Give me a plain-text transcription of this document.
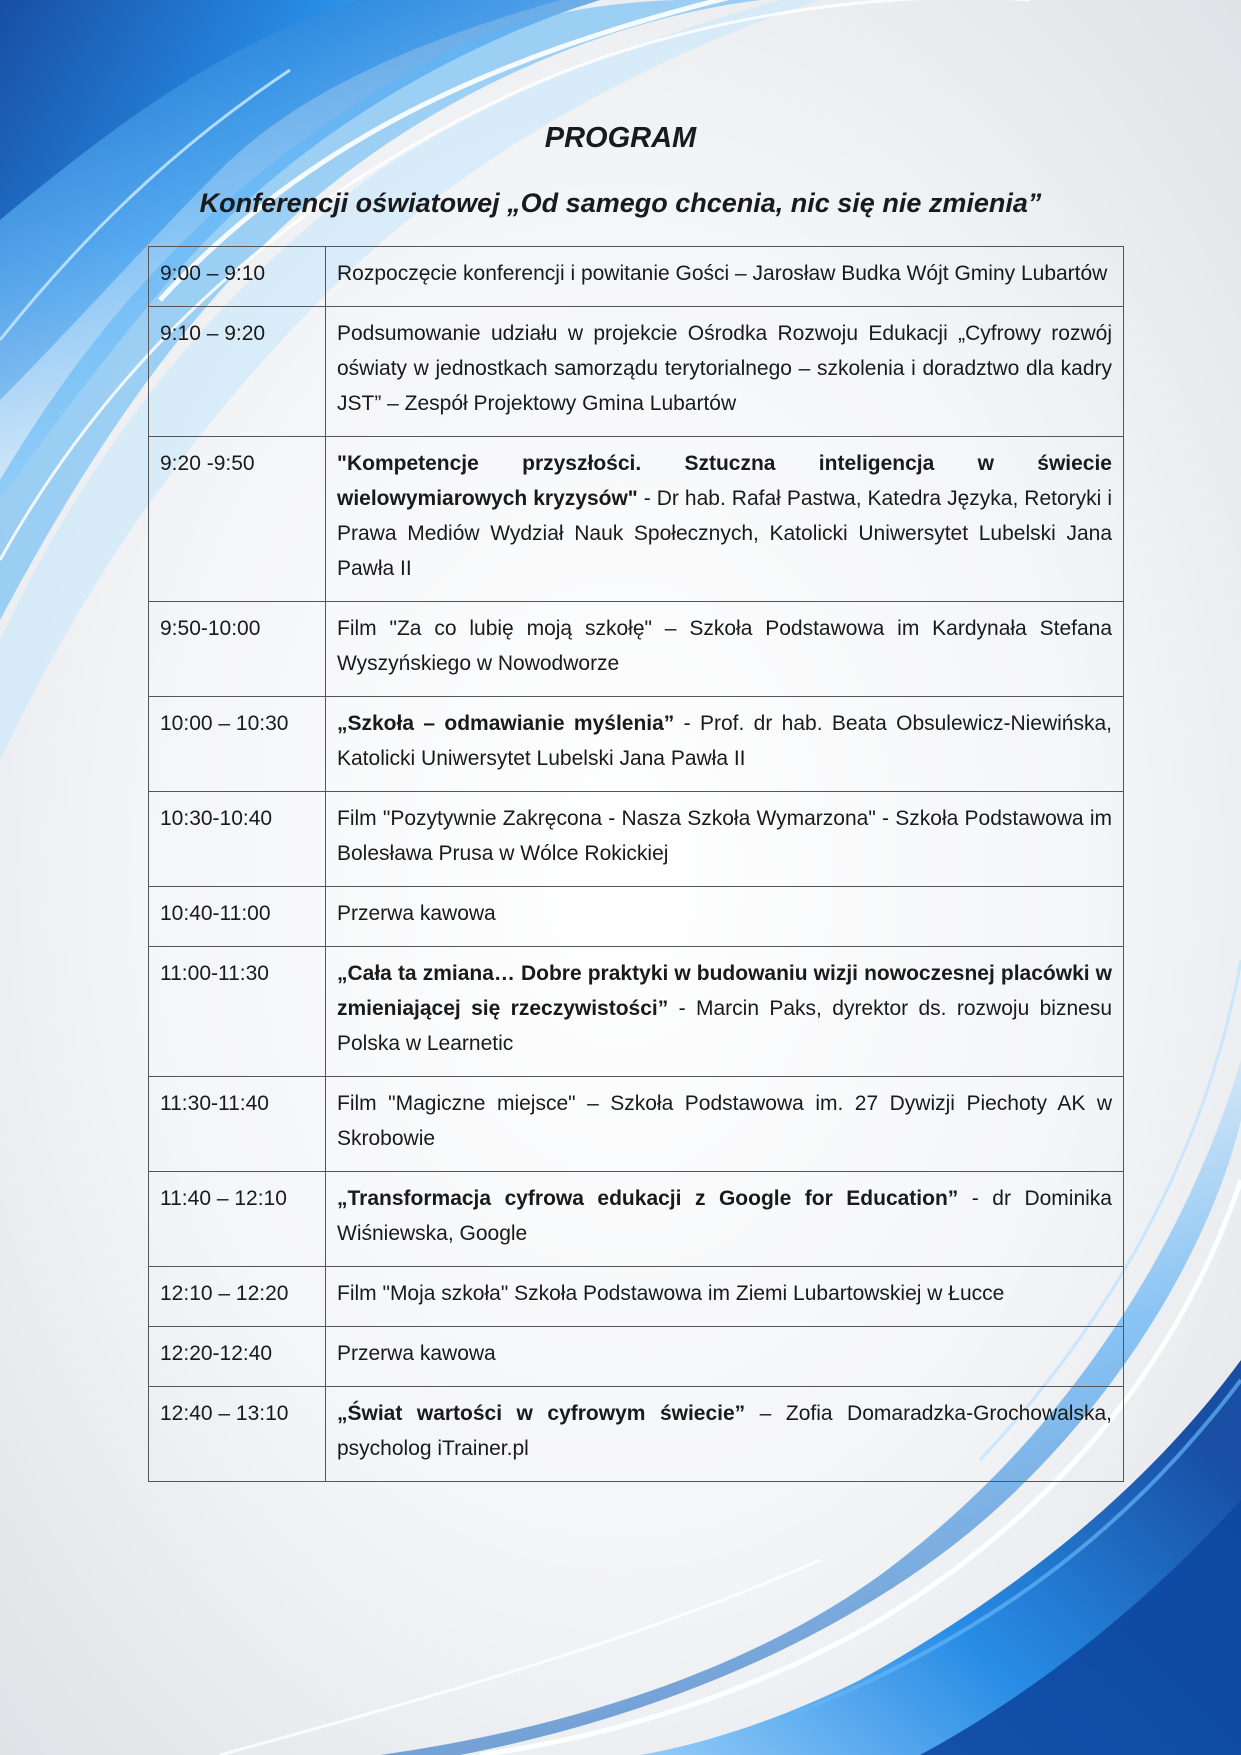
PROGRAM
Konferencji oświatowej „Od samego chcenia, nic się nie zmienia”
9:00 – 9:10	Rozpoczęcie konferencji i powitanie Gości – Jarosław Budka Wójt Gminy Lubartów
9:10 – 9:20	Podsumowanie udziału w projekcie Ośrodka Rozwoju Edukacji „Cyfrowy rozwój oświaty w jednostkach samorządu terytorialnego – szkolenia i doradztwo dla kadry JST” – Zespół Projektowy Gmina Lubartów
9:20 -9:50	"Kompetencje przyszłości. Sztuczna inteligencja w świecie wielowymiarowych kryzysów" - Dr hab. Rafał Pastwa, Katedra Języka, Retoryki i Prawa Mediów Wydział Nauk Społecznych, Katolicki Uniwersytet Lubelski Jana Pawła II
9:50-10:00	Film "Za co lubię moją szkołę" – Szkoła Podstawowa im Kardynała Stefana Wyszyńskiego w Nowodworze
10:00 – 10:30	„Szkoła – odmawianie myślenia” - Prof. dr hab. Beata Obsulewicz-Niewińska, Katolicki Uniwersytet Lubelski Jana Pawła II
10:30-10:40	Film "Pozytywnie Zakręcona - Nasza Szkoła Wymarzona" - Szkoła Podstawowa im Bolesława Prusa w Wólce Rokickiej
10:40-11:00	Przerwa kawowa
11:00-11:30	„Cała ta zmiana… Dobre praktyki w budowaniu wizji nowoczesnej placówki w zmieniającej się rzeczywistości” - Marcin Paks, dyrektor ds. rozwoju biznesu Polska w Learnetic
11:30-11:40	Film "Magiczne miejsce" – Szkoła Podstawowa im. 27 Dywizji Piechoty AK w Skrobowie
11:40 – 12:10	„Transformacja cyfrowa edukacji z Google for Education” - dr Dominika Wiśniewska, Google
12:10 – 12:20	Film "Moja szkoła" Szkoła Podstawowa im Ziemi Lubartowskiej w Łucce
12:20-12:40	Przerwa kawowa
12:40 – 13:10	„Świat wartości w cyfrowym świecie” – Zofia Domaradzka-Grochowalska, psycholog iTrainer.pl
